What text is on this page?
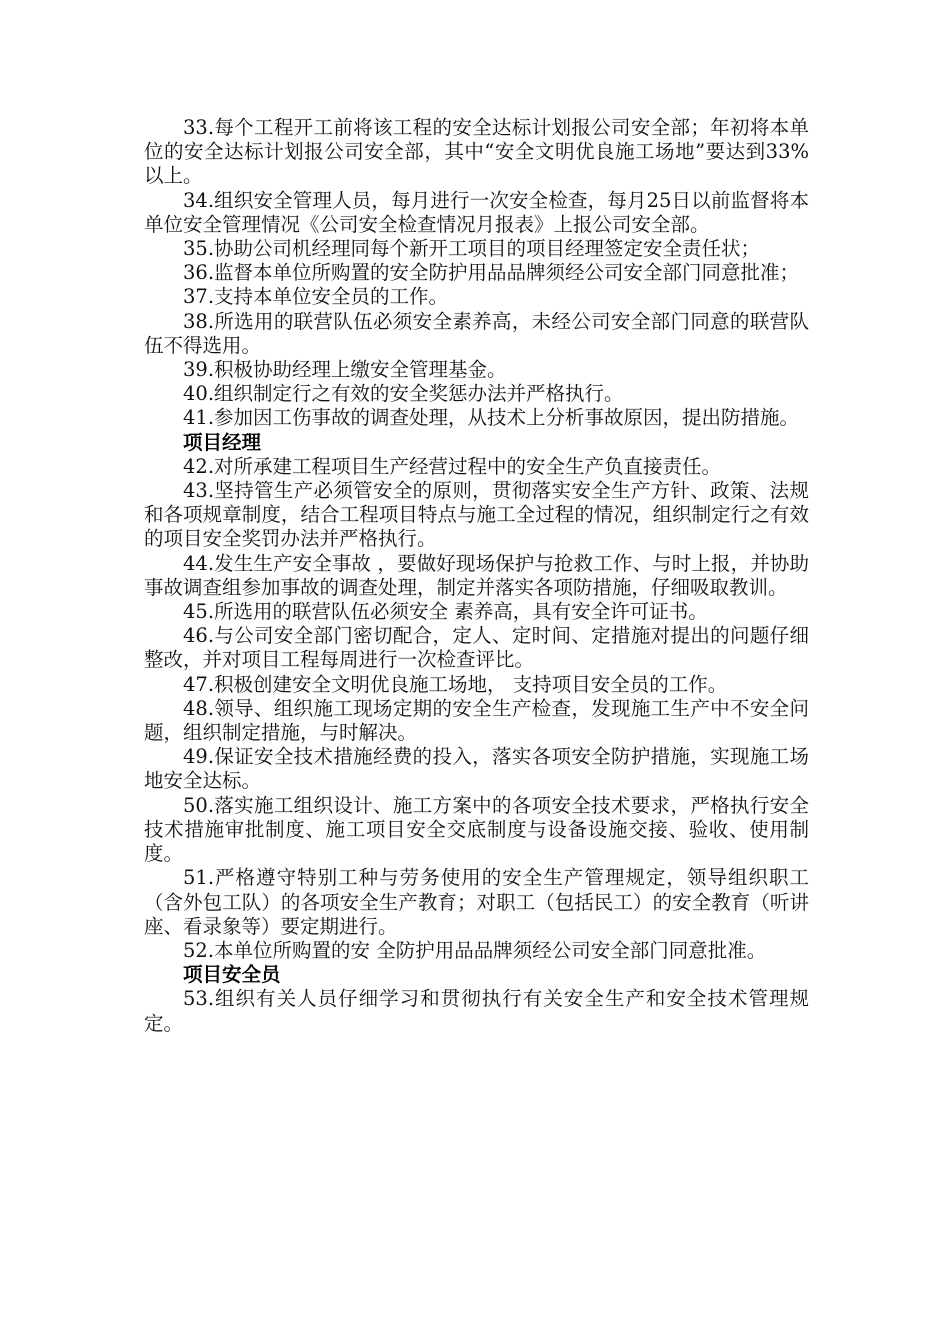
33.每个工程开工前将该工程的安全达标计划报公司安全部；年初将本单位的安全达标计划报公司安全部，其中“安全文明优良施工场地”要达到33%以上。

34.组织安全管理人员，每月进行一次安全检查，每月25日以前监督将本单位安全管理情况《公司安全检查情况月报表》上报公司安全部。

35.协助公司机经理同每个新开工项目的项目经理签定安全责任状；

36.监督本单位所购置的安全防护用品品牌须经公司安全部门同意批准；

37.支持本单位安全员的工作。

38.所选用的联营队伍必须安全素养高，未经公司安全部门同意的联营队伍不得选用。

39.积极协助经理上缴安全管理基金。

40.组织制定行之有效的安全奖惩办法并严格执行。

41.参加因工伤事故的调查处理，从技术上分析事故原因，提出防措施。

项目经理

42.对所承建工程项目生产经营过程中的安全生产负直接责任。

43.坚持管生产必须管安全的原则，贯彻落实安全生产方针、政策、法规和各项规章制度，结合工程项目特点与施工全过程的情况，组织制定行之有效的项目安全奖罚办法并严格执行。

44.发生生产安全事故 ，要做好现场保护与抢救工作、与时上报，并协助事故调查组参加事故的调查处理，制定并落实各项防措施，仔细吸取教训。

45.所选用的联营队伍必须安全 素养高，具有安全许可证书。

46.与公司安全部门密切配合，定人、定时间、定措施对提出的问题仔细整改，并对项目工程每周进行一次检查评比。

47.积极创建安全文明优良施工场地， 支持项目安全员的工作。

48.领导、组织施工现场定期的安全生产检查，发现施工生产中不安全问题，组织制定措施，与时解决。

49.保证安全技术措施经费的投入，落实各项安全防护措施，实现施工场地安全达标。

50.落实施工组织设计、施工方案中的各项安全技术要求，严格执行安全技术措施审批制度、施工项目安全交底制度与设备设施交接、验收、使用制度。

51.严格遵守特别工种与劳务使用的安全生产管理规定，领导组织职工（含外包工队）的各项安全生产教育；对职工（包括民工）的安全教育（听讲座、看录象等）要定期进行。

52.本单位所购置的安 全防护用品品牌须经公司安全部门同意批准。

项目安全员

53.组织有关人员仔细学习和贯彻执行有关安全生产和安全技术管理规定。
